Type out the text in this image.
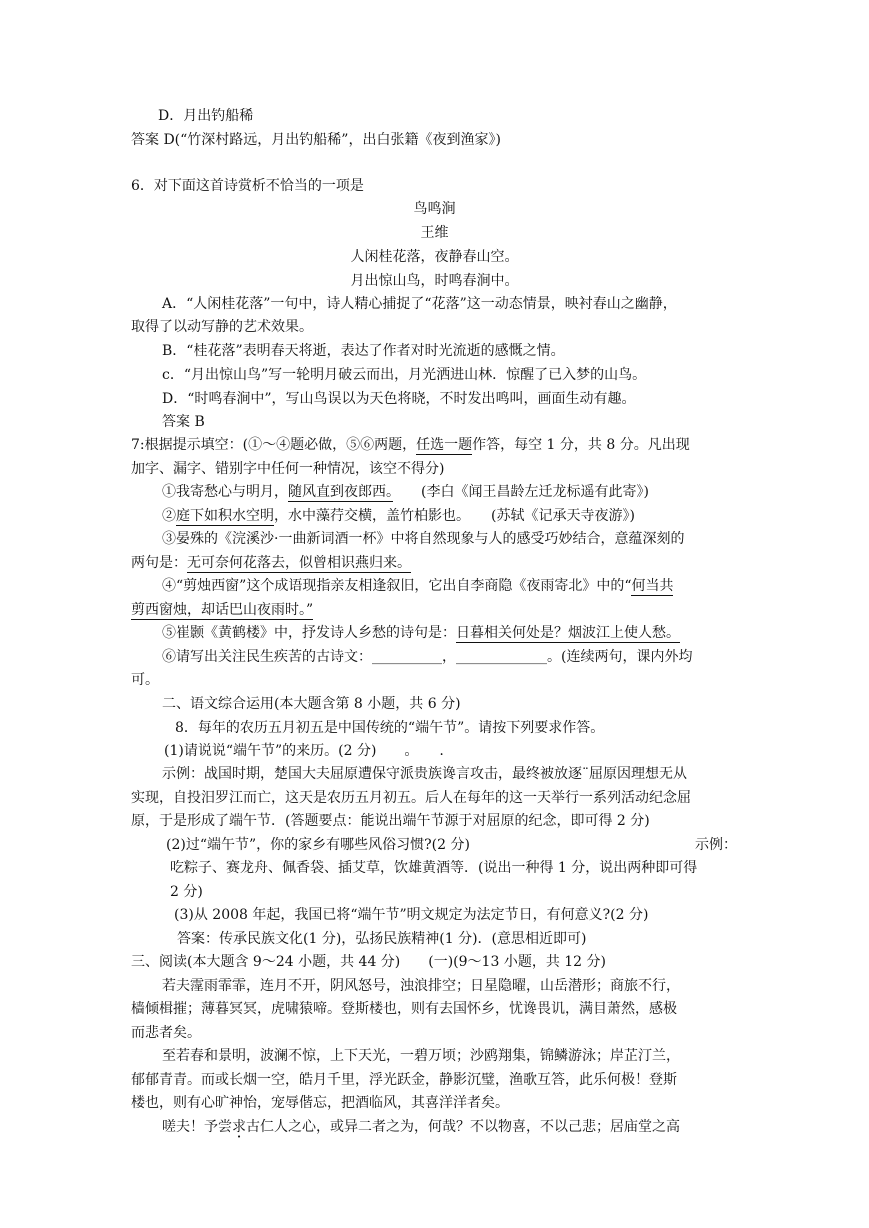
D．月出钓船稀
答案 D(“竹深村路远，月出钓船稀”，出白张籍《夜到渔家》)
6．对下面这首诗赏析不恰当的一项是
鸟鸣涧
王维
人闲桂花落，夜静春山空。
月出惊山鸟，时鸣春涧中。
A．“人闲桂花落”一句中，诗人精心捕捉了“花落”这一动态情景，映衬春山之幽静，
取得了以动写静的艺术效果。
B．“桂花落”表明春天将逝，表达了作者对时光流逝的感慨之情。
c．“月出惊山鸟”写一轮明月破云而出，月光洒进山林．惊醒了已入梦的山鸟。
D．“时鸣春涧中”，写山鸟误以为天色将晓，不时发出鸣叫，画面生动有趣。
答案 B
7:根据提示填空：(①～④题必做，⑤⑥两题，任选一题作答，每空 1 分，共 8 分。凡出现
加字、漏字、错别字中任何一种情况，该空不得分)
①我寄愁心与明月，随风直到夜郎西。　　(李白《闻王昌龄左迁龙标遥有此寄》)
②庭下如积水空明，水中藻荇交横，盖竹柏影也。　　(苏轼《记承天寺夜游》)
③晏殊的《浣溪沙·一曲新词酒一杯》中将自然现象与人的感受巧妙结合，意蕴深刻的
两句是：无可奈何花落去，似曾相识燕归来。
④“剪烛西窗”这个成语现指亲友相逢叙旧，它出自李商隐《夜雨寄北》中的“何当共
剪西窗烛，却话巴山夜雨时。”
⑤崔颢《黄鹤楼》中，抒发诗人乡愁的诗句是：日暮相关何处是？烟波江上使人愁。
⑥请写出关注民生疾苦的古诗文：__________，_____________。(连续两句，课内外均
可。
二、语文综合运用(本大题含第 8 小题，共 6 分)
8．每年的农历五月初五是中国传统的“端午节”。请按下列要求作答。
(1)请说说“端午节”的来历。(2 分)　　。　　.
示例：战国时期，楚国大夫屈原遭保守派贵族谗言攻击，最终被放逐¨屈原因理想无从
实现，自投汨罗江而亡，这天是农历五月初五。后人在每年的这一天举行一系列活动纪念屈
原，于是形成了端午节．(答题要点：能说出端午节源于对屈原的纪念，即可得 2 分)
(2)过“端午节”，你的家乡有哪些风俗习惯?(2 分)	示例：
吃粽子、赛龙舟、佩香袋、插艾草，饮雄黄酒等．(说出一种得 1 分，说出两种即可得
2 分)
(3)从 2008 年起，我国已将“端午节”明文规定为法定节日，有何意义?(2 分)
答案：传承民族文化(1 分)，弘扬民族精神(1 分)．(意思相近即可)
三、阅读(本大题含 9～24 小题，共 44 分)　　(一)(9～13 小题，共 12 分)
若夫霪雨霏霏，连月不开，阴风怒号，浊浪排空；日星隐曜，山岳潜形；商旅不行，
樯倾楫摧；薄暮冥冥，虎啸猿啼。登斯楼也，则有去国怀乡，忧谗畏讥，满目萧然，感极
而悲者矣。
至若春和景明，波澜不惊，上下天光，一碧万顷；沙鸥翔集，锦鳞游泳；岸芷汀兰，
郁郁青青。而或长烟一空，皓月千里，浮光跃金，静影沉璧，渔歌互答，此乐何极！登斯
楼也，则有心旷神怡，宠辱偕忘，把酒临风，其喜洋洋者矣。
嗟夫！予尝求古仁人之心，或异二者之为，何哉？不以物喜，不以己悲；居庙堂之高
